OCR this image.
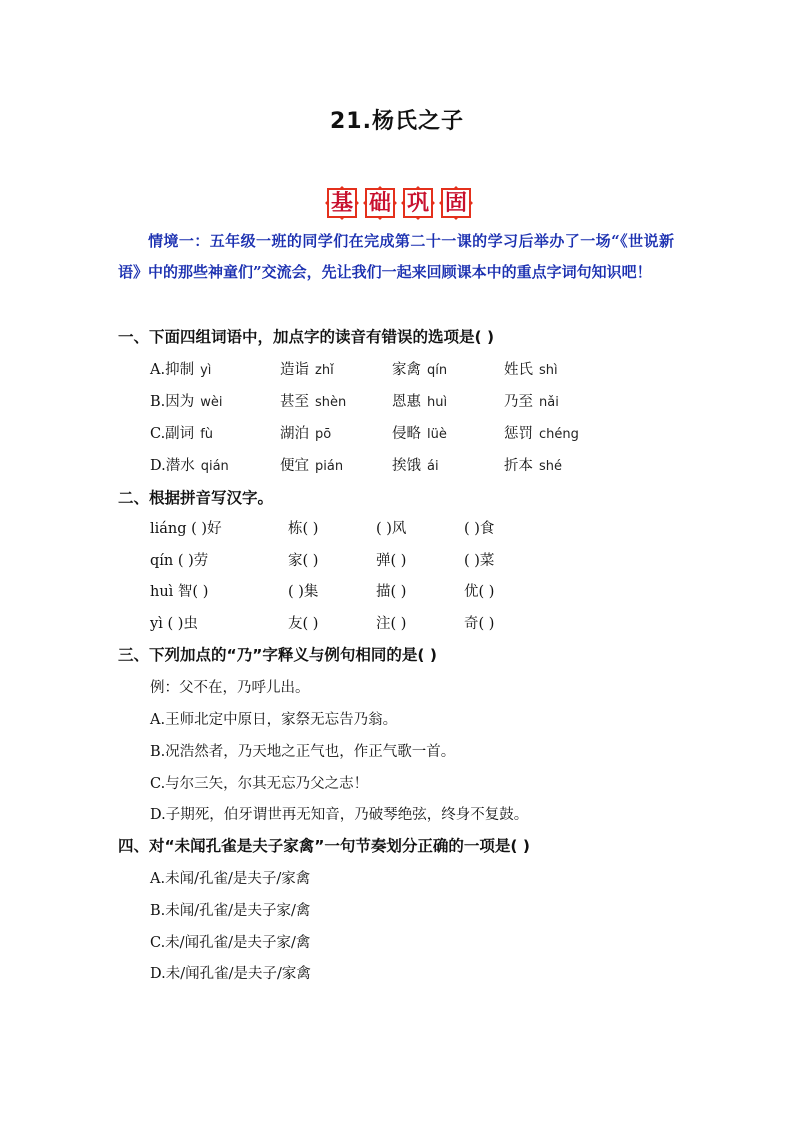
21.杨氏之子
基 础 巩 固
情境一：五年级一班的同学们在完成第二十一课的学习后举办了一场“《世说新语》中的那些神童们”交流会，先让我们一起来回顾课本中的重点字词句知识吧！
一、下面四组词语中，加点字的读音有错误的选项是( )
A.抑制 yì	造诣 zhǐ	家禽 qín	姓氏 shì
B.因为 wèi	甚至 shèn	恩惠 huì	乃至 nǎi
C.副词 fù	湖泊 pō	侵略 lüè	惩罚 chéng
D.潜水 qián	便宜 pián	挨饿 ái	折本 shé
二、根据拼音写汉字。
liáng ( )好	栋( )	( )风	( )食
qín ( )劳	家( )	弹( )	( )菜
huì 智( )	( )集	描( )	优( )
yì ( )虫	友( )	注( )	奇( )
三、下列加点的“乃”字释义与例句相同的是( )
例：父不在，乃呼儿出。
A.王师北定中原日，家祭无忘告乃翁。
B.况浩然者，乃天地之正气也，作正气歌一首。
C.与尔三矢，尔其无忘乃父之志！
D.子期死，伯牙谓世再无知音，乃破琴绝弦，终身不复鼓。
四、对“未闻孔雀是夫子家禽”一句节奏划分正确的一项是( )
A.未闻/孔雀/是夫子/家禽
B.未闻/孔雀/是夫子家/禽
C.未/闻孔雀/是夫子家/禽
D.未/闻孔雀/是夫子/家禽
